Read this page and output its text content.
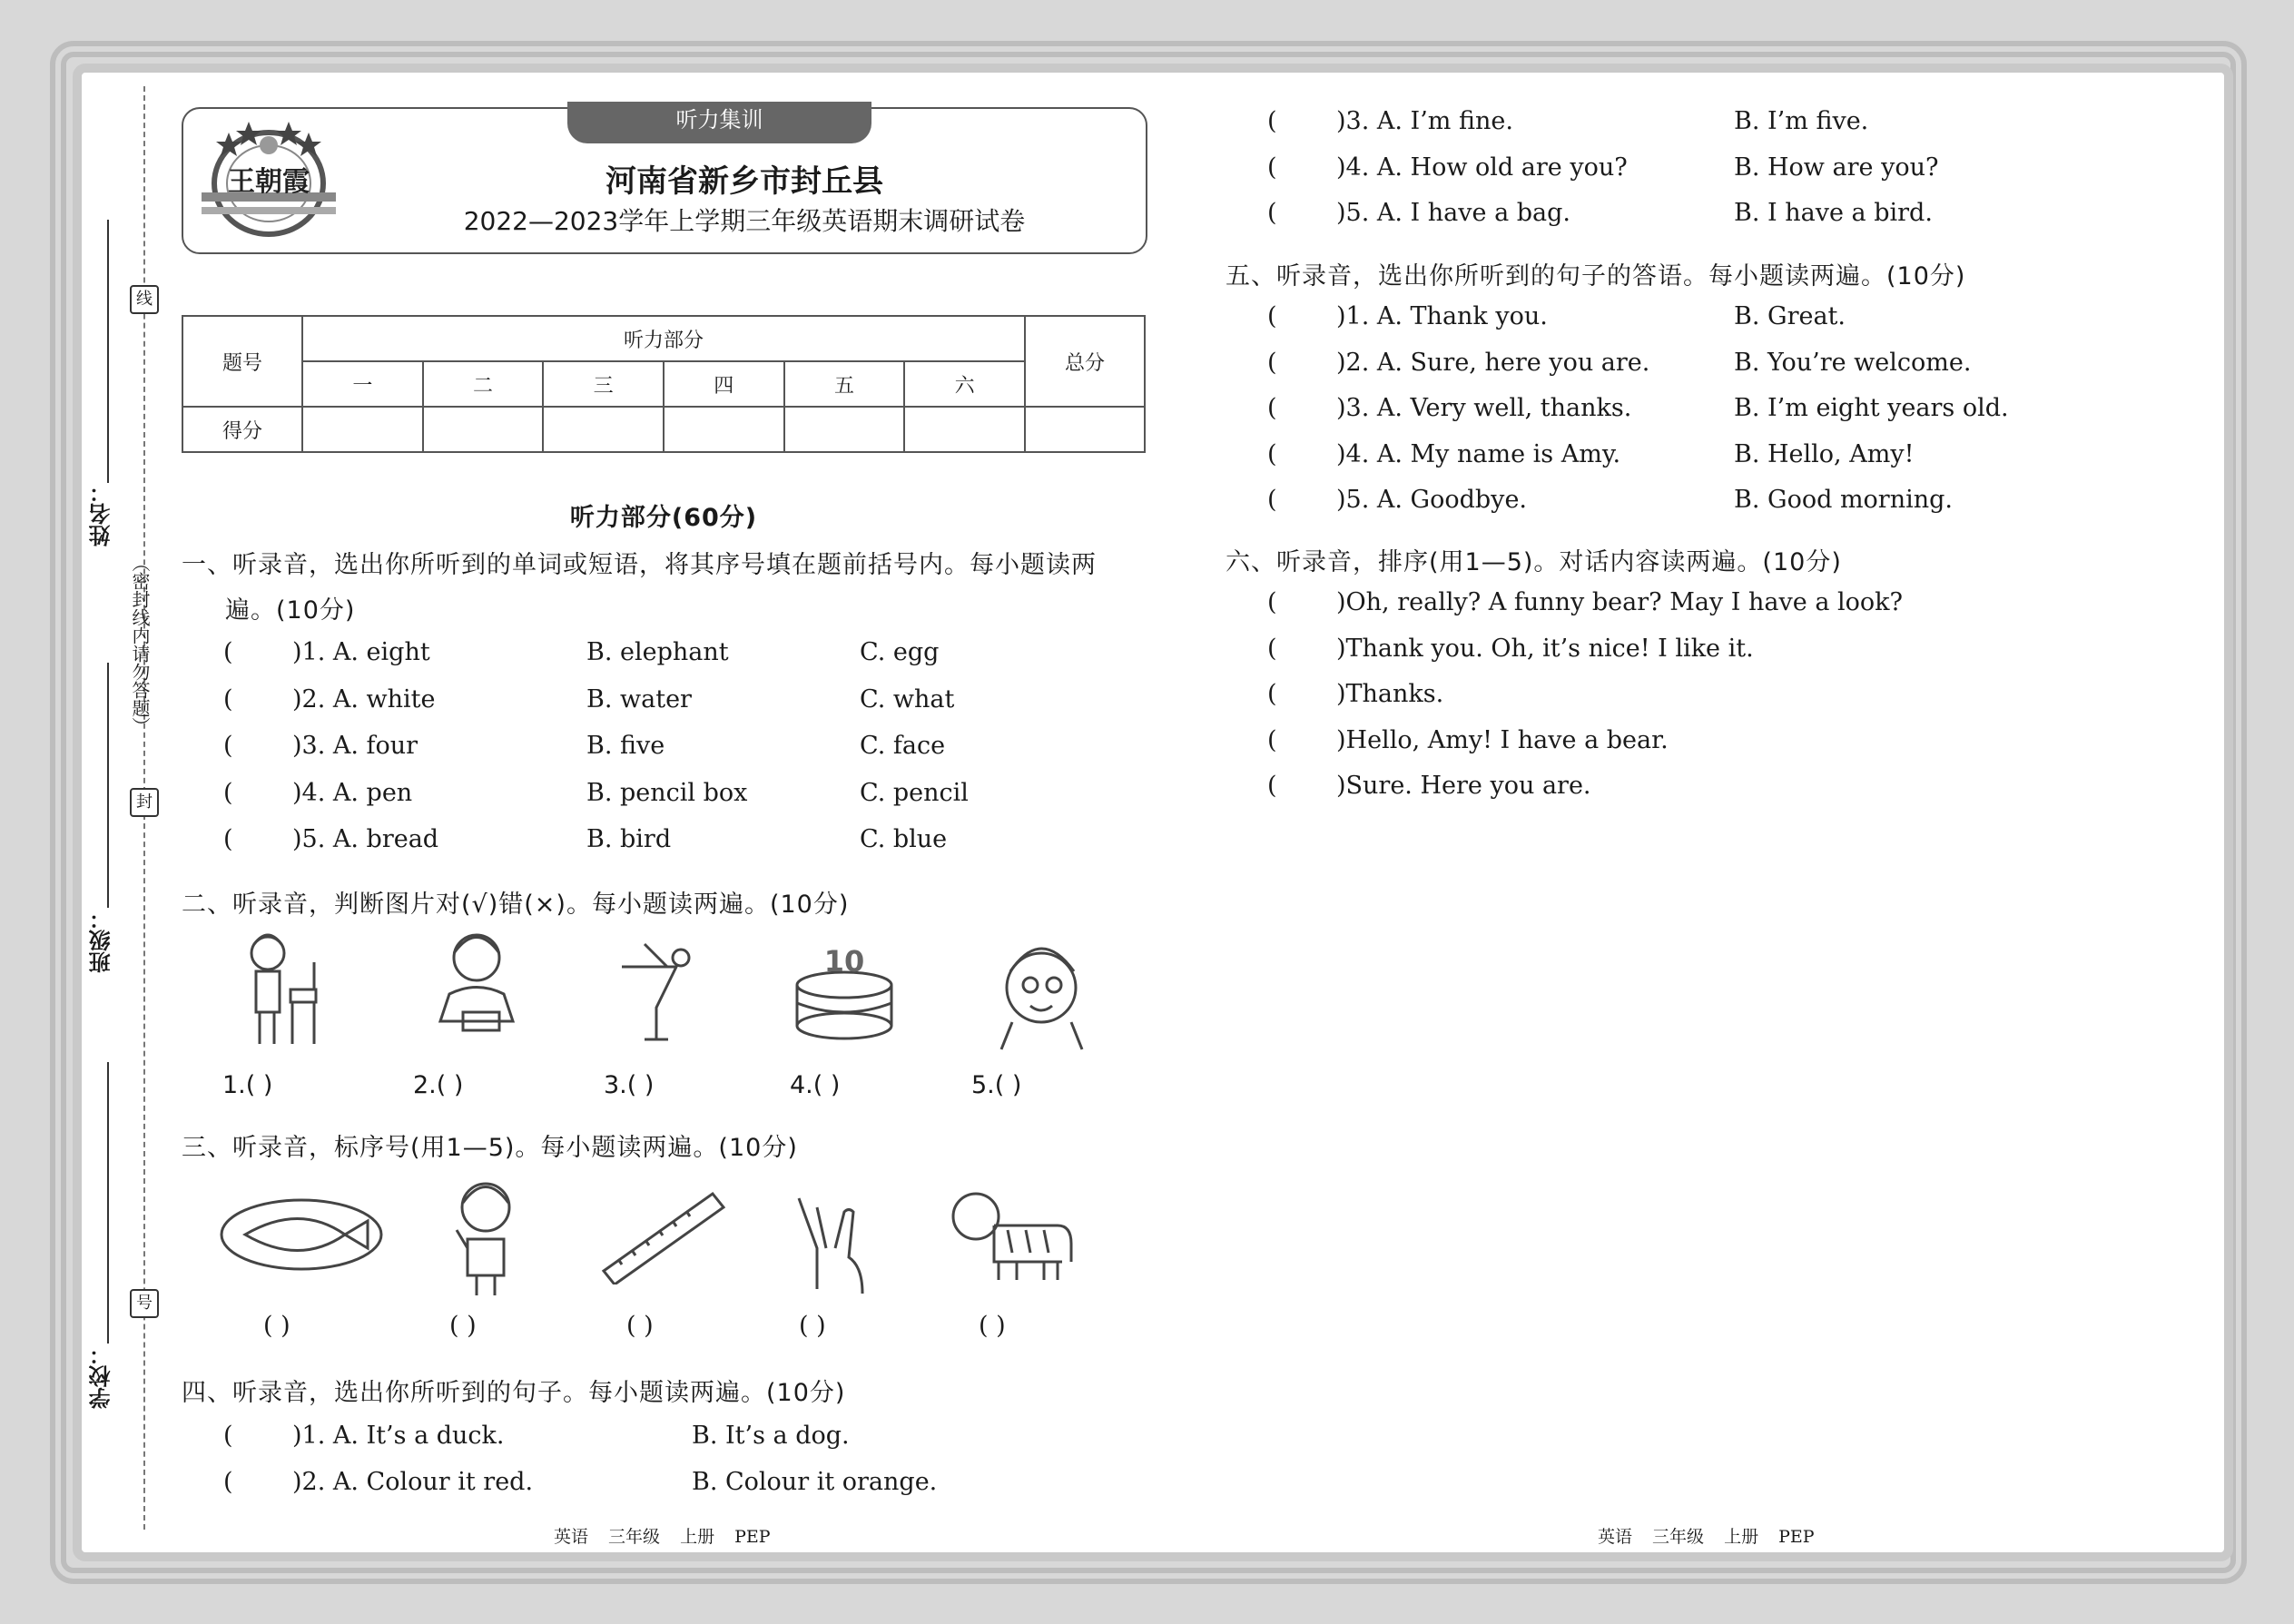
线
封
号
姓名：
班级：
学校：
（密封线内请勿答题）
听力集训
王朝霞	河南省新乡市封丘县
2022—2023学年上学期三年级英语期末调研试卷
题号	听力部分						总分
	一	二	三	四	五	六	
得分							
听力部分(60分)
一、听录音，选出你所听到的单词或短语，将其序号填在题前括号内。每小题读两
遍。(10分)
( )1. A. eight	B. elephant	C. egg
( )2. A. white	B. water	C. what
( )3. A. four	B. five	C. face
( )4. A. pen	B. pencil box	C. pencil
( )5. A. bread	B. bird	C. blue
二、听录音，判断图片对(√)错(×)。每小题读两遍。(10分)
10
1.( )	2.( )	3.( )	4.( )	5.( )
三、听录音，标序号(用1—5)。每小题读两遍。(10分)
( )	( )	( )	( )	( )
四、听录音，选出你所听到的句子。每小题读两遍。(10分)
( )1. A. It’s a duck.	B. It’s a dog.
( )2. A. Colour it red.	B. Colour it orange.
( )3. A. I’m fine.	B. I’m five.
( )4. A. How old are you?	B. How are you?
( )5. A. I have a bag.	B. I have a bird.
五、听录音，选出你所听到的句子的答语。每小题读两遍。(10分)
( )1. A. Thank you.	B. Great.
( )2. A. Sure, here you are.	B. You’re welcome.
( )3. A. Very well, thanks.	B. I’m eight years old.
( )4. A. My name is Amy.	B. Hello, Amy!
( )5. A. Goodbye.	B. Good morning.
六、听录音，排序(用1—5)。对话内容读两遍。(10分)
( )Oh, really? A funny bear? May I have a look?
( )Thank you. Oh, it’s nice! I like it.
( )Thanks.
( )Hello, Amy! I have a bear.
( )Sure. Here you are.
英语 三年级 上册 PEP	英语 三年级 上册 PEP
